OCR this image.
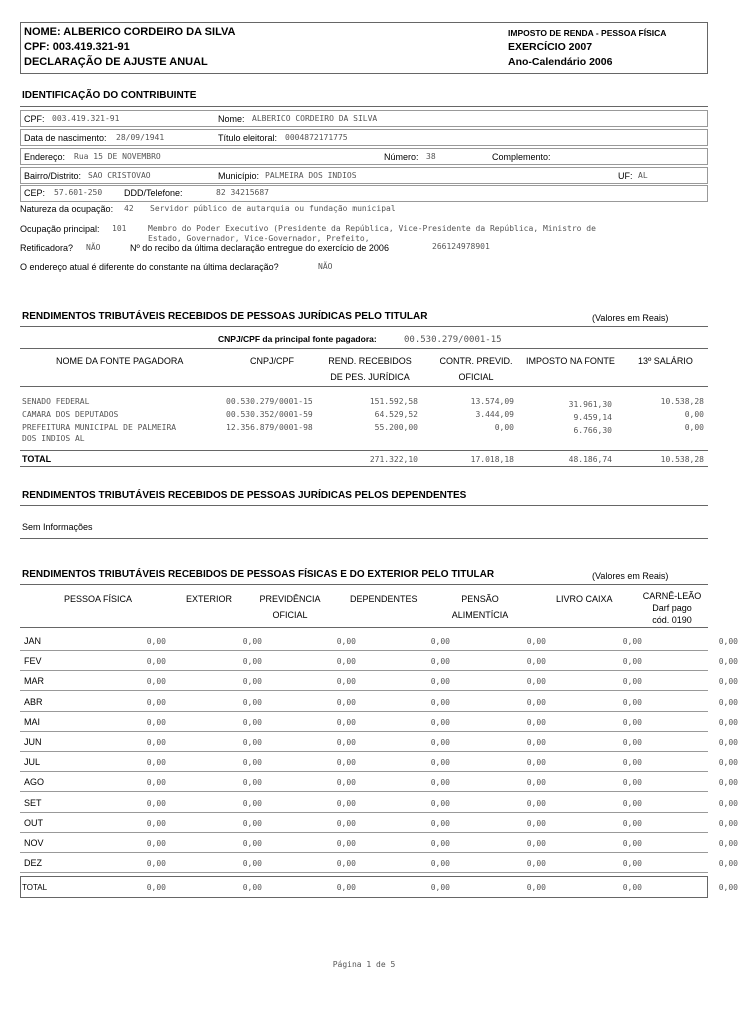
NOME: ALBERICO CORDEIRO DA SILVA
CPF: 003.419.321-91
DECLARAÇÃO DE AJUSTE ANUAL
IMPOSTO DE RENDA - PESSOA FÍSICA
EXERCÍCIO 2007
Ano-Calendário 2006
IDENTIFICAÇÃO DO CONTRIBUINTE
CPF: 003.419.321-91	Nome: ALBERICO CORDEIRO DA SILVA
Data de nascimento: 28/09/1941	Título eleitoral: 0004872171775
Endereço: Rua 15 DE NOVEMBRO	Número: 38	Complemento:
Bairro/Distrito: SAO CRISTOVAO	Município: PALMEIRA DOS INDIOS	UF: AL
CEP: 57.601-250 DDD/Telefone:	82 34215687
Natureza da ocupação: 42 Servidor público de autarquia ou fundação municipal
Ocupação principal: 101	Membro do Poder Executivo (Presidente da República, Vice-Presidente da República, Ministro de
Estado, Governador, Vice-Governador, Prefeito,
Retificadora? NÃO	Nº do recibo da última declaração entregue do exercício de 2006	266124978901
O endereço atual é diferente do constante na última declaração?	NÃO
RENDIMENTOS TRIBUTÁVEIS RECEBIDOS DE PESSOAS JURÍDICAS PELO TITULAR	(Valores em Reais)
CNPJ/CPF da principal fonte pagadora:	00.530.279/0001-15
NOME DA FONTE PAGADORA	CNPJ/CPF	REND. RECEBIDOS
DE PES. JURÍDICA
CONTR. PREVID.
OFICIAL
IMPOSTO NA FONTE	13º SALÁRIO
SENADO FEDERAL	00.530.279/0001-15	151.592,58	13.574,09	31.961,30	10.538,28
CAMARA DOS DEPUTADOS	00.530.352/0001-59	64.529,52	3.444,09	9.459,14	0,00
PREFEITURA MUNICIPAL DE PALMEIRA
DOS INDIOS AL
12.356.879/0001-98	55.200,00	0,00	6.766,30	0,00
TOTAL	271.322,10	17.018,18	48.186,74	10.538,28
RENDIMENTOS TRIBUTÁVEIS RECEBIDOS DE PESSOAS JURÍDICAS PELOS DEPENDENTES
Sem Informações
RENDIMENTOS TRIBUTÁVEIS RECEBIDOS DE PESSOAS FÍSICAS E DO EXTERIOR PELO TITULAR	(Valores em Reais)
PESSOA FÍSICA	EXTERIOR	PREVIDÊNCIA
OFICIAL
DEPENDENTES	PENSÃO
ALIMENTÍCIA
LIVRO CAIXA	CARNÊ-LEÃO
Darf pago
cód. 0190
JAN	0,00	0,00	0,00	0,00	0,00	0,00	0,00
FEV	0,00	0,00	0,00	0,00	0,00	0,00	0,00
MAR	0,00	0,00	0,00	0,00	0,00	0,00	0,00
ABR	0,00	0,00	0,00	0,00	0,00	0,00	0,00
MAI	0,00	0,00	0,00	0,00	0,00	0,00	0,00
JUN	0,00	0,00	0,00	0,00	0,00	0,00	0,00
JUL	0,00	0,00	0,00	0,00	0,00	0,00	0,00
AGO	0,00	0,00	0,00	0,00	0,00	0,00	0,00
SET	0,00	0,00	0,00	0,00	0,00	0,00	0,00
OUT	0,00	0,00	0,00	0,00	0,00	0,00	0,00
NOV	0,00	0,00	0,00	0,00	0,00	0,00	0,00
DEZ	0,00	0,00	0,00	0,00	0,00	0,00	0,00
TOTAL	0,00	0,00	0,00	0,00	0,00	0,00	0,00
Página 1 de 5
